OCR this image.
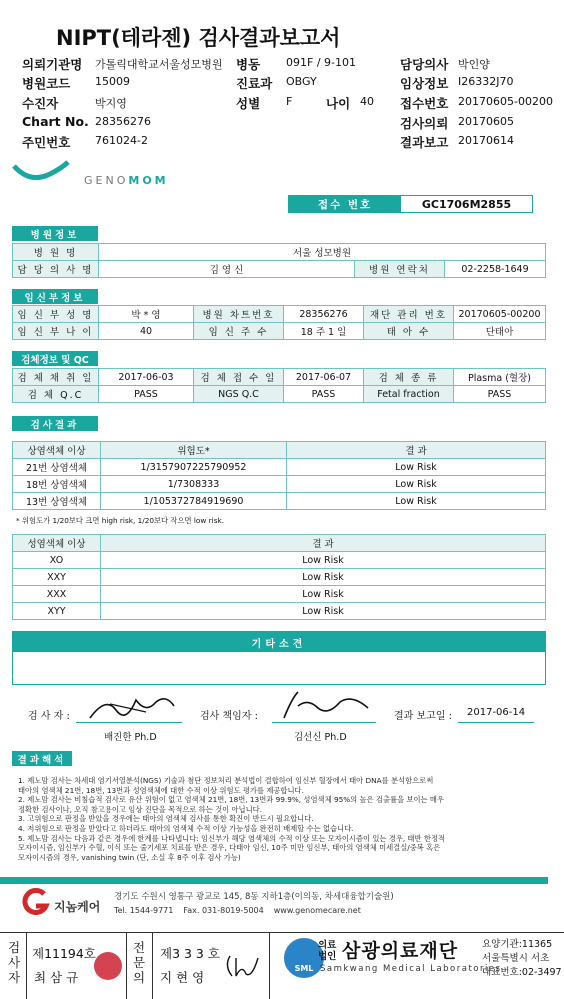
NIPT(테라젠) 검사결과보고서
의뢰기관명 가톨릭대학교서울성모병원 병동 091F / 9-101	담당의사 박인양
병원코드 15009	진료과 OBGY	임상정보 I26332J70
수진자	박지영	성별 F	나이 40 접수번호 20170605-00200
Chart No. 28356276	검사의뢰 20170605
주민번호 761024-2	결과보고 20170614
GENOMOM
접수 번호	GC1706M2855
병원정보
병 원 명	서울 성모병원		
담 당 의 사 명	김 영 신	병원 연락처	02-2258-1649
임신부정보
임 신 부 성 명	박 * 영	병원 차트번호	28356276	재단 관리 번호	20170605-00200
임 신 부 나 이	40	임 신 주 수	18 주 1 일	태 아 수	단태아
검체정보 및 QC
검 체 채 취 일	2017-06-03	검 체 접 수 일	2017-06-07	검 체 종 류	Plasma (혈장)
검 체 Q.C	PASS	NGS Q.C	PASS	Fetal fraction	PASS
검사결과
상염색체 이상	위험도*	결 과
21번 상염색체	1/3157907225790952	Low Risk
18번 상염색체	1/7308333	Low Risk
13번 상염색체	1/105372784919690	Low Risk
* 위험도가 1/20보다 크면 high risk, 1/20보다 작으면 low risk.
성염색체 이상	결 과
XO	Low Risk
XXY	Low Risk
XXX	Low Risk
XYY	Low Risk
기타소견
검 사 자 :
배진한 Ph.D
검사 책임자 :
김선신 Ph.D
결과 보고일 : 2017-06-14
결과해석
1. 제노맘 검사는 차세대 염기서열분석(NGS) 기술과 첨단 정보처리 분석법이 결합하여 임신부 혈장에서 태아 DNA를 분석함으로써
태아의 염색체 21번, 18번, 13번과 성염색체에 대한 수적 이상 위험도 평가를 제공합니다.
2. 제노맘 검사는 비침습적 검사로 유산 위험이 없고 염색체 21번, 18번, 13번과 99.9%, 성염색체 95%의 높은 검출률을 보이는 매우
정확한 검사이나, 오직 참고용이고 임상 진단을 목적으로 하는 것이 아닙니다.
3. 고위험으로 판정을 받았을 경우에는 태아의 염색체 검사를 통한 확진이 반드시 필요합니다.
4. 저위험으로 판정을 받았다고 하더라도 태아의 염색체 수적 이상 가능성을 완전히 배제할 수는 없습니다.
5. 제노맘 검사는 다음과 같은 경우에 한계를 나타냅니다: 임신부가 해당 염색체의 수적 이상 또는 모자이시즘이 있는 경우, 태반 한정적
모자이시즘, 임신부가 수혈, 이식 또는 줄기세포 치료를 받은 경우, 다태아 임신, 10주 미만 임신부, 태아의 염색체 미세결실/중복 혹은
모자이시즘의 경우, vanishing twin (단, 소실 후 8주 이후 검사 가능)
지놈케어
경기도 수원시 영통구 광교로 145, 8동 지하1층(이의동, 차세대융합기술원)
Tel. 1544-9771 Fax. 031-8019-5004 www.genomecare.net
검
사
자
제11194호
최 삼 규
전
문
의
제3 3 3 호
지 현 영
SML
의료
법인 삼광의료재단
Samkwang Medical Laboratories
요양기관:11365
서울특별시 서초
대표번호:02-3497
